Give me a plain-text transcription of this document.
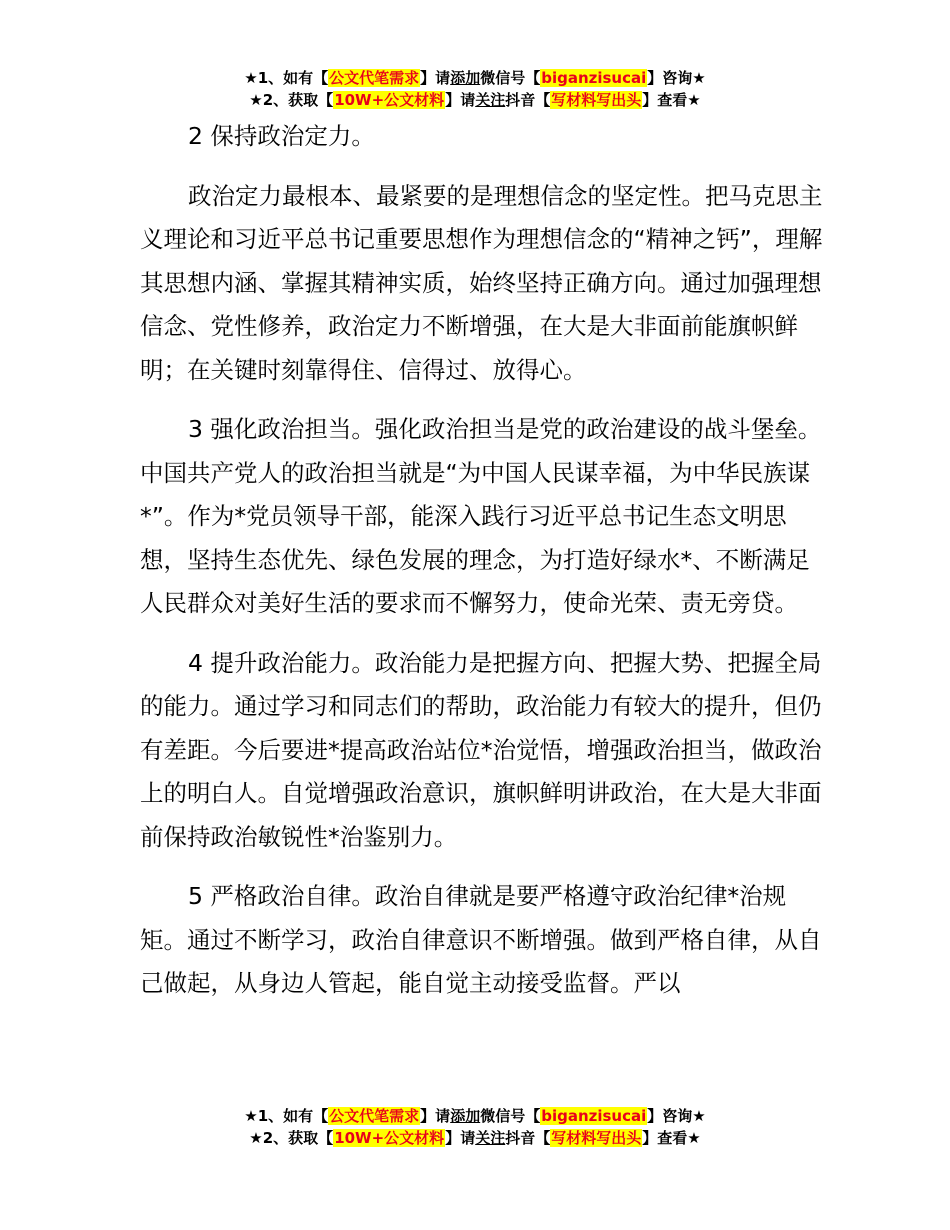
★1、如有【公文代笔需求】请添加微信号【biganzisucai】咨询★
★2、获取【10W+公文材料】请关注抖音【写材料写出头】查看★

2 保持政治定力。

政治定力最根本、最紧要的是理想信念的坚定性。把马克思主义理论和习近平总书记重要思想作为理想信念的“精神之钙”，理解其思想内涵、掌握其精神实质，始终坚持正确方向。通过加强理想信念、党性修养，政治定力不断增强，在大是大非面前能旗帜鲜明；在关键时刻靠得住、信得过、放得心。

3 强化政治担当。强化政治担当是党的政治建设的战斗堡垒。中国共产党人的政治担当就是“为中国人民谋幸福，为中华民族谋*”。作为*党员领导干部，能深入践行习近平总书记生态文明思想，坚持生态优先、绿色发展的理念，为打造好绿水*、不断满足人民群众对美好生活的要求而不懈努力，使命光荣、责无旁贷。

4 提升政治能力。政治能力是把握方向、把握大势、把握全局的能力。通过学习和同志们的帮助，政治能力有较大的提升，但仍有差距。今后要进*提高政治站位*治觉悟，增强政治担当，做政治上的明白人。自觉增强政治意识，旗帜鲜明讲政治，在大是大非面前保持政治敏锐性*治鉴别力。

5 严格政治自律。政治自律就是要严格遵守政治纪律*治规矩。通过不断学习，政治自律意识不断增强。做到严格自律，从自己做起，从身边人管起，能自觉主动接受监督。严以

★1、如有【公文代笔需求】请添加微信号【biganzisucai】咨询★
★2、获取【10W+公文材料】请关注抖音【写材料写出头】查看★
